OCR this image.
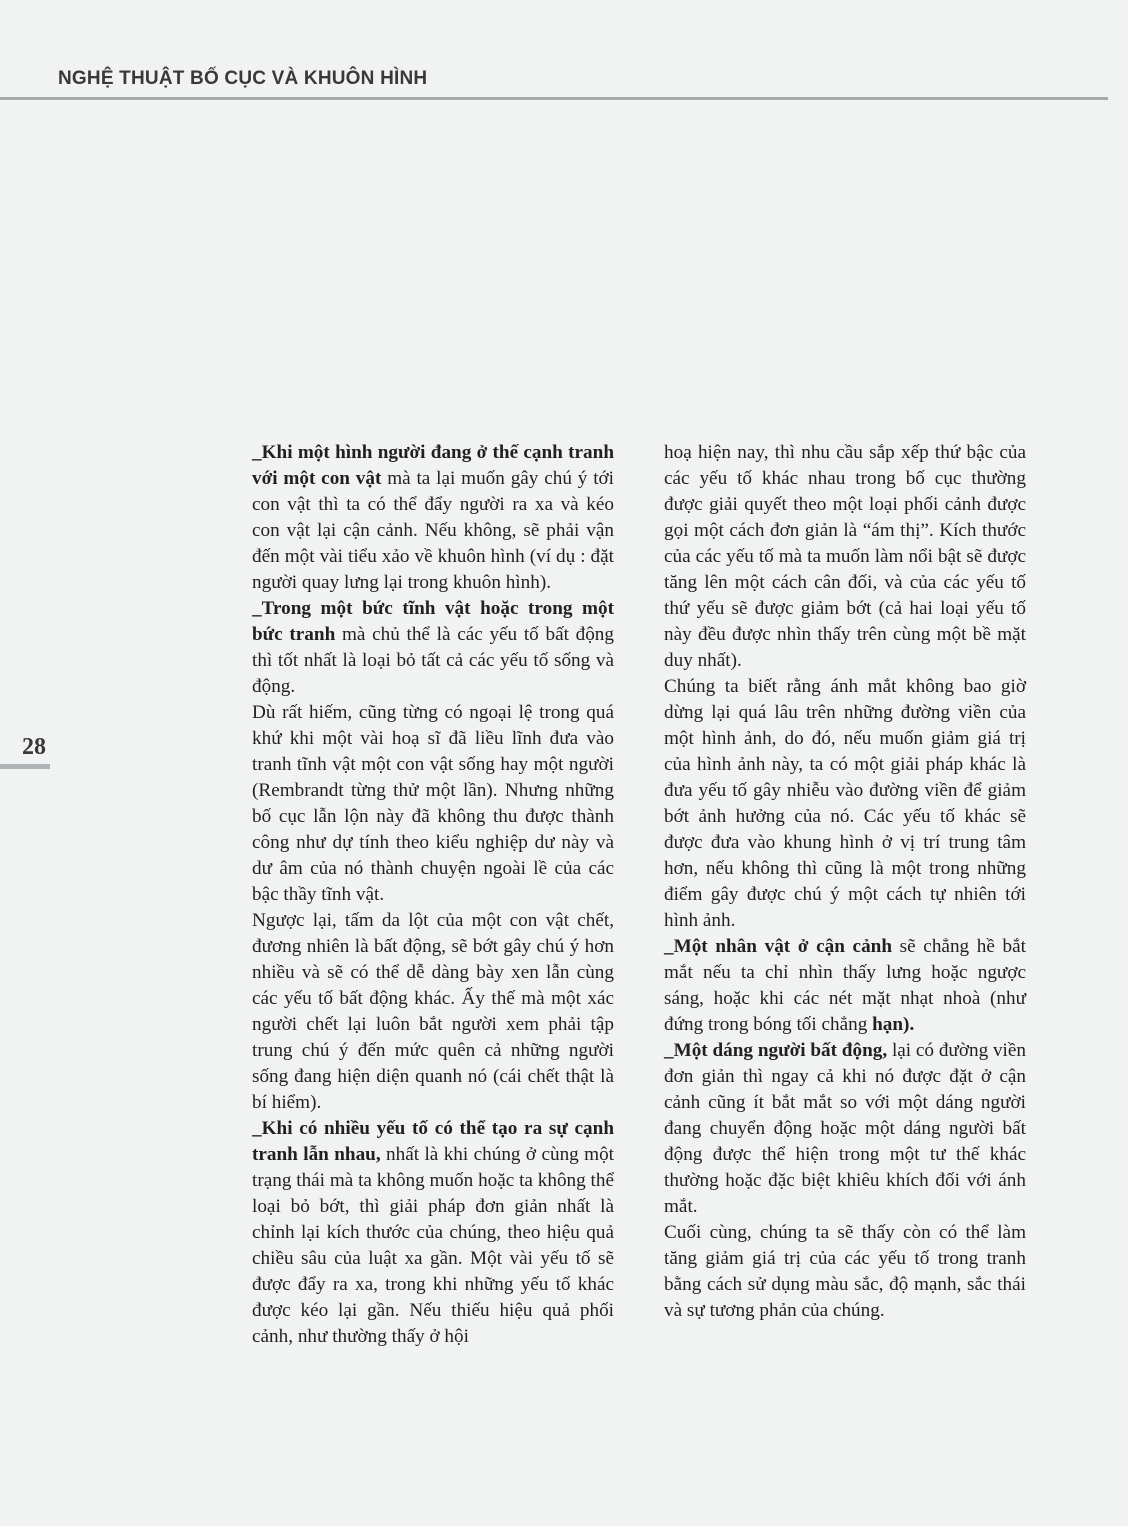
NGHỆ THUẬT BỐ CỤC VÀ KHUÔN HÌNH
28

_Khi một hình người đang ở thế cạnh tranh với một con vật mà ta lại muốn gây chú ý tới con vật thì ta có thể đẩy người ra xa và kéo con vật lại cận cảnh. Nếu không, sẽ phải vận đến một vài tiểu xảo về khuôn hình (ví dụ : đặt người quay lưng lại trong khuôn hình).

_Trong một bức tĩnh vật hoặc trong một bức tranh mà chủ thể là các yếu tố bất động thì tốt nhất là loại bỏ tất cả các yếu tố sống và động.

Dù rất hiếm, cũng từng có ngoại lệ trong quá khứ khi một vài hoạ sĩ đã liều lĩnh đưa vào tranh tĩnh vật một con vật sống hay một người (Rembrandt từng thử một lần). Nhưng những bố cục lẫn lộn này đã không thu được thành công như dự tính theo kiểu nghiệp dư này và dư âm của nó thành chuyện ngoài lề của các bậc thầy tĩnh vật.

Ngược lại, tấm da lột của một con vật chết, đương nhiên là bất động, sẽ bớt gây chú ý hơn nhiều và sẽ có thể dễ dàng bày xen lẫn cùng các yếu tố bất động khác. Ấy thế mà một xác người chết lại luôn bắt người xem phải tập trung chú ý đến mức quên cả những người sống đang hiện diện quanh nó (cái chết thật là bí hiểm).

_Khi có nhiều yếu tố có thể tạo ra sự cạnh tranh lẫn nhau, nhất là khi chúng ở cùng một trạng thái mà ta không muốn hoặc ta không thể loại bỏ bớt, thì giải pháp đơn giản nhất là chỉnh lại kích thước của chúng, theo hiệu quả chiều sâu của luật xa gần. Một vài yếu tố sẽ được đẩy ra xa, trong khi những yếu tố khác được kéo lại gần. Nếu thiếu hiệu quả phối cảnh, như thường thấy ở hội

hoạ hiện nay, thì nhu cầu sắp xếp thứ bậc của các yếu tố khác nhau trong bố cục thường được giải quyết theo một loại phối cảnh được gọi một cách đơn giản là “ám thị”. Kích thước của các yếu tố mà ta muốn làm nổi bật sẽ được tăng lên một cách cân đối, và của các yếu tố thứ yếu sẽ được giảm bớt (cả hai loại yếu tố này đều được nhìn thấy trên cùng một bề mặt duy nhất).

Chúng ta biết rằng ánh mắt không bao giờ dừng lại quá lâu trên những đường viền của một hình ảnh, do đó, nếu muốn giảm giá trị của hình ảnh này, ta có một giải pháp khác là đưa yếu tố gây nhiễu vào đường viền để giảm bớt ảnh hưởng của nó. Các yếu tố khác sẽ được đưa vào khung hình ở vị trí trung tâm hơn, nếu không thì cũng là một trong những điểm gây được chú ý một cách tự nhiên tới hình ảnh.

_Một nhân vật ở cận cảnh sẽ chẳng hề bắt mắt nếu ta chỉ nhìn thấy lưng hoặc ngược sáng, hoặc khi các nét mặt nhạt nhoà (như đứng trong bóng tối chẳng hạn).

_Một dáng người bất động, lại có đường viền đơn giản thì ngay cả khi nó được đặt ở cận cảnh cũng ít bắt mắt so với một dáng người đang chuyển động hoặc một dáng người bất động được thể hiện trong một tư thế khác thường hoặc đặc biệt khiêu khích đối với ánh mắt.

Cuối cùng, chúng ta sẽ thấy còn có thể làm tăng giảm giá trị của các yếu tố trong tranh bằng cách sử dụng màu sắc, độ mạnh, sắc thái và sự tương phản của chúng.
